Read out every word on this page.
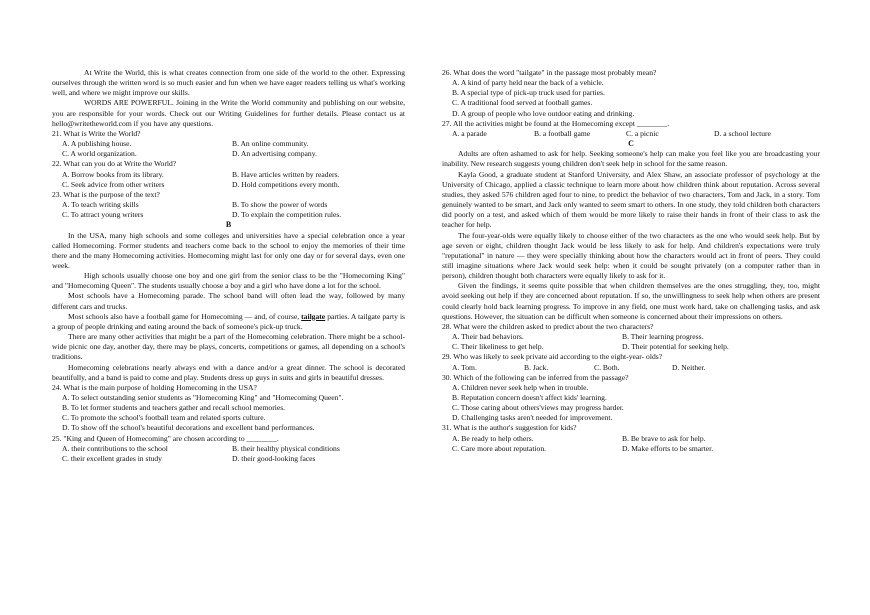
At Write the World, this is what creates connection from one side of the world to the other. Expressing ourselves through the written word is so much easier and fun when we have eager readers telling us what's working well, and where we might improve our skills.
WORDS ARE POWERFUL. Joining in the Write the World community and publishing on our website, you are responsible for your words. Check out our Writing Guidelines for further details. Please contact us at hello@writetheworld.com if you have any questions.
21. What is Write the World?
A. A publishing house.	B. An online community.
C. A world organization.	D. An advertising company.
22. What can you do at Write the World?
A. Borrow books from its library.	B. Have articles written by readers.
C. Seek advice from other writers	D. Hold competitions every month.
23. What is the purpose of the text?
A. To teach writing skills	B. To show the power of words
C. To attract young writers	D. To explain the competition rules.
B
In the USA, many high schools and some colleges and universities have a special celebration once a year called Homecoming. Former students and teachers come back to the school to enjoy the memories of their time there and the many Homecoming activities. Homecoming might last for only one day or for several days, even one week.
High schools usually choose one boy and one girl from the senior class to be the "Homecoming King" and "Homecoming Queen". The students usually choose a boy and a girl who have done a lot for the school.
Most schools have a Homecoming parade. The school band will often lead the way, followed by many different cars and trucks.
Most schools also have a football game for Homecoming — and, of course, tailgate parties. A tailgate party is a group of people drinking and eating around the back of someone's pick-up truck.
There are many other activities that might be a part of the Homecoming celebration. There might be a school-wide picnic one day, another day, there may be plays, concerts, competitions or games, all depending on a school's traditions.
Homecoming celebrations nearly always end with a dance and/or a great dinner. The school is decorated beautifully, and a band is paid to come and play. Students dress up guys in suits and girls in beautiful dresses.
24. What is the main purpose of holding Homecoming in the USA?
A. To select outstanding senior students as "Homecoming King" and "Homecoming Queen".
B. To let former students and teachers gather and recall school memories.
C. To promote the school's football team and related sports culture.
D. To show off the school's beautiful decorations and excellent band performances.
25. "King and Queen of Homecoming" are chosen according to ________.
A. their contributions to the school	B. their healthy physical conditions
C. their excellent grades in study	D. their good-looking faces
26. What does the word "tailgate" in the passage most probably mean?
A. A kind of party held near the back of a vehicle.
B. A special type of pick-up truck used for parties.
C. A traditional food served at football games.
D. A group of people who love outdoor eating and drinking.
27. All the activities might be found at the Homecoming except ________.
A. a parade	B. a football game	C. a picnic	D. a school lecture
C
Adults are often ashamed to ask for help. Seeking someone's help can make you feel like you are broadcasting your inability. New research suggests young children don't seek help in school for the same reason.
Kayla Good, a graduate student at Stanford University, and Alex Shaw, an associate professor of psychology at the University of Chicago, applied a classic technique to learn more about how children think about reputation. Across several studies, they asked 576 children aged four to nine, to predict the behavior of two characters, Tom and Jack, in a story. Tom genuinely wanted to be smart, and Jack only wanted to seem smart to others. In one study, they told children both characters did poorly on a test, and asked which of them would be more likely to raise their hands in front of their class to ask the teacher for help.
The four-year-olds were equally likely to choose either of the two characters as the one who would seek help. But by age seven or eight, children thought Jack would be less likely to ask for help. And children's expectations were truly "reputational" in nature — they were specially thinking about how the characters would act in front of peers. They could still imagine situations where Jack would seek help: when it could be sought privately (on a computer rather than in person), children thought both characters were equally likely to ask for it.
Given the findings, it seems quite possible that when children themselves are the ones struggling, they, too, might avoid seeking out help if they are concerned about reputation. If so, the unwillingness to seek help when others are present could clearly hold back learning progress. To improve in any field, one must work hard, take on challenging tasks, and ask questions. However, the situation can be difficult when someone is concerned about their impressions on others.
28. What were the children asked to predict about the two characters?
A. Their bad behaviors.	B. Their learning progress.
C. Their likeliness to get help.	D. Their potential for seeking help.
29. Who was likely to seek private aid according to the eight-year- olds?
A. Tom.	B. Jack.	C. Both.	D. Neither.
30. Which of the following can be inferred from the passage?
A. Children never seek help when in trouble.
B. Reputation concern doesn't affect kids' learning.
C. Those caring about others'views may progress harder.
D. Challenging tasks aren't needed for improvement.
31. What is the author's suggestion for kids?
A. Be ready to help others.	B. Be brave to ask for help.
C. Care more about reputation.	D. Make efforts to be smarter.
